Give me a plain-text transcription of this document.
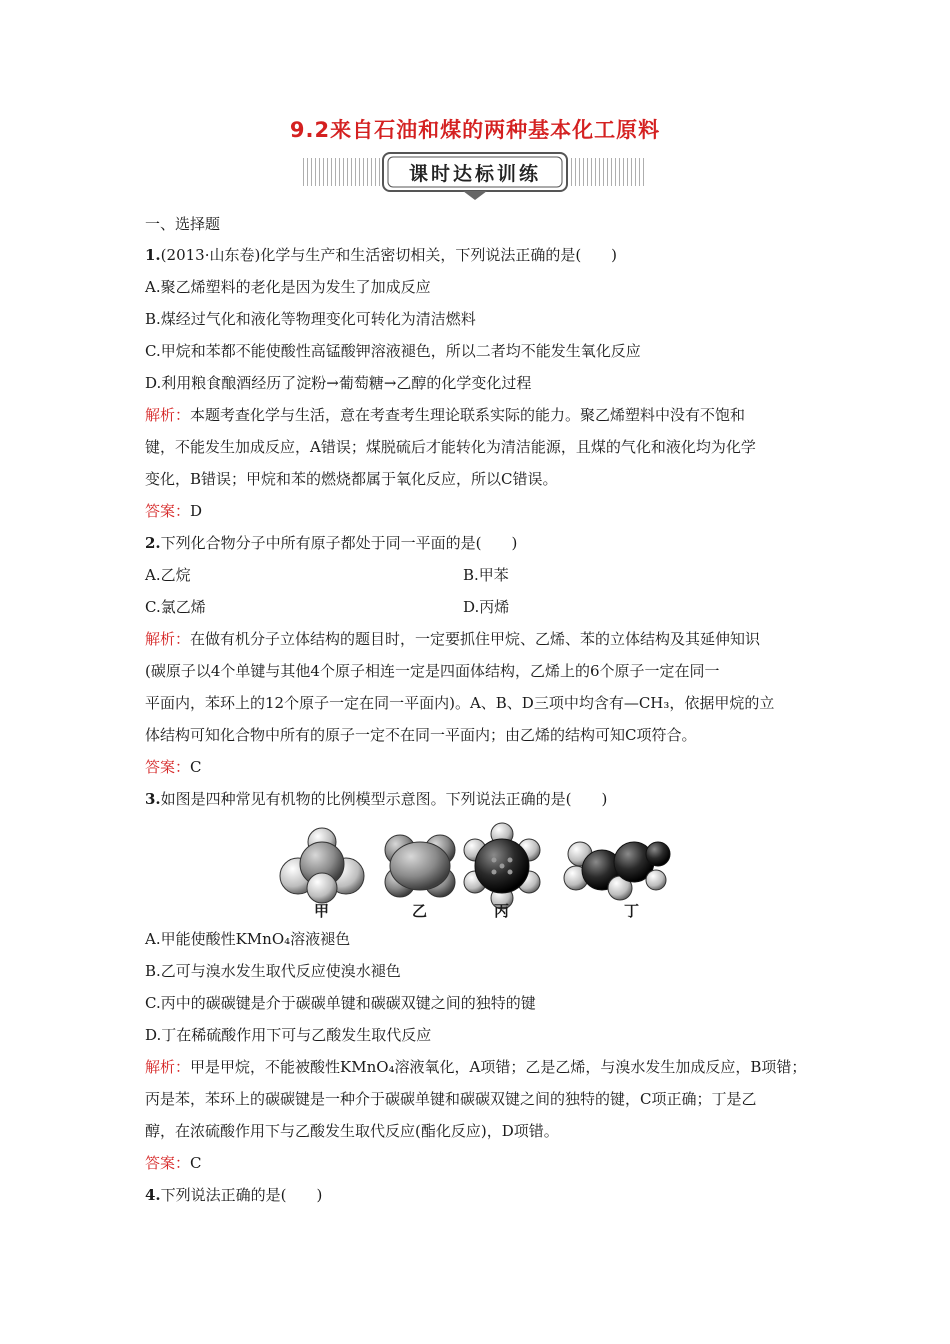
9.2来自石油和煤的两种基本化工原料
课时达标训练
一、选择题
1.(2013·山东卷)化学与生产和生活密切相关，下列说法正确的是(　　)
A.聚乙烯塑料的老化是因为发生了加成反应
B.煤经过气化和液化等物理变化可转化为清洁燃料
C.甲烷和苯都不能使酸性高锰酸钾溶液褪色，所以二者均不能发生氧化反应
D.利用粮食酿酒经历了淀粉→葡萄糖→乙醇的化学变化过程
解析：本题考查化学与生活，意在考查考生理论联系实际的能力。聚乙烯塑料中没有不饱和
键，不能发生加成反应，A错误；煤脱硫后才能转化为清洁能源，且煤的气化和液化均为化学
变化，B错误；甲烷和苯的燃烧都属于氧化反应，所以C错误。
答案：D
2.下列化合物分子中所有原子都处于同一平面的是(　　)
A.乙烷	B.甲苯
C.氯乙烯	D.丙烯
解析：在做有机分子立体结构的题目时，一定要抓住甲烷、乙烯、苯的立体结构及其延伸知识
(碳原子以4个单键与其他4个原子相连一定是四面体结构，乙烯上的6个原子一定在同一
平面内，苯环上的12个原子一定在同一平面内)。A、B、D三项中均含有—CH₃，依据甲烷的立
体结构可知化合物中所有的原子一定不在同一平面内；由乙烯的结构可知C项符合。
答案：C
3.如图是四种常见有机物的比例模型示意图。下列说法正确的是(　　)
甲	乙	丙	丁
A.甲能使酸性KMnO₄溶液褪色
B.乙可与溴水发生取代反应使溴水褪色
C.丙中的碳碳键是介于碳碳单键和碳碳双键之间的独特的键
D.丁在稀硫酸作用下可与乙酸发生取代反应
解析：甲是甲烷，不能被酸性KMnO₄溶液氧化，A项错；乙是乙烯，与溴水发生加成反应，B项错；
丙是苯，苯环上的碳碳键是一种介于碳碳单键和碳碳双键之间的独特的键，C项正确；丁是乙
醇，在浓硫酸作用下与乙酸发生取代反应(酯化反应)，D项错。
答案：C
4.下列说法正确的是(　　)
